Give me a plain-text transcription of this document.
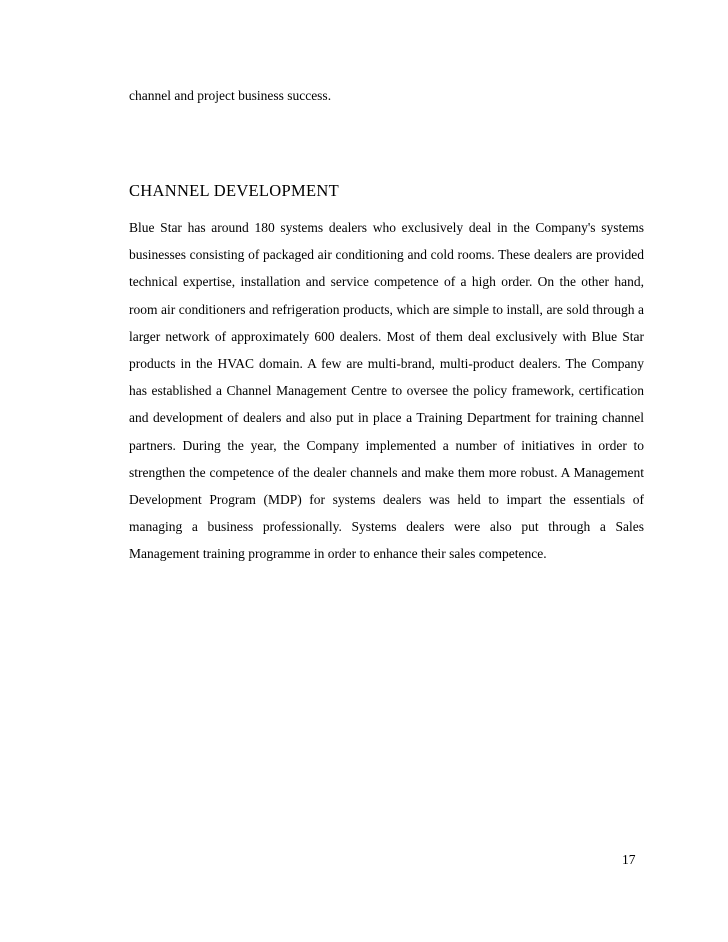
channel and project business success.

CHANNEL DEVELOPMENT

Blue Star has around 180 systems dealers who exclusively deal in the Company's systems businesses consisting of packaged air conditioning and cold rooms. These dealers are provided technical expertise, installation and service competence of a high order. On the other hand, room air conditioners and refrigeration products, which are simple to install, are sold through a larger network of approximately 600 dealers. Most of them deal exclusively with Blue Star products in the HVAC domain. A few are multi-brand, multi-product dealers. The Company has established a Channel Management Centre to oversee the policy framework, certification and development of dealers and also put in place a Training Department for training channel partners. During the year, the Company implemented a number of initiatives in order to strengthen the competence of the dealer channels and make them more robust. A Management Development Program (MDP) for systems dealers was held to impart the essentials of managing a business professionally. Systems dealers were also put through a Sales Management training programme in order to enhance their sales competence.

17
